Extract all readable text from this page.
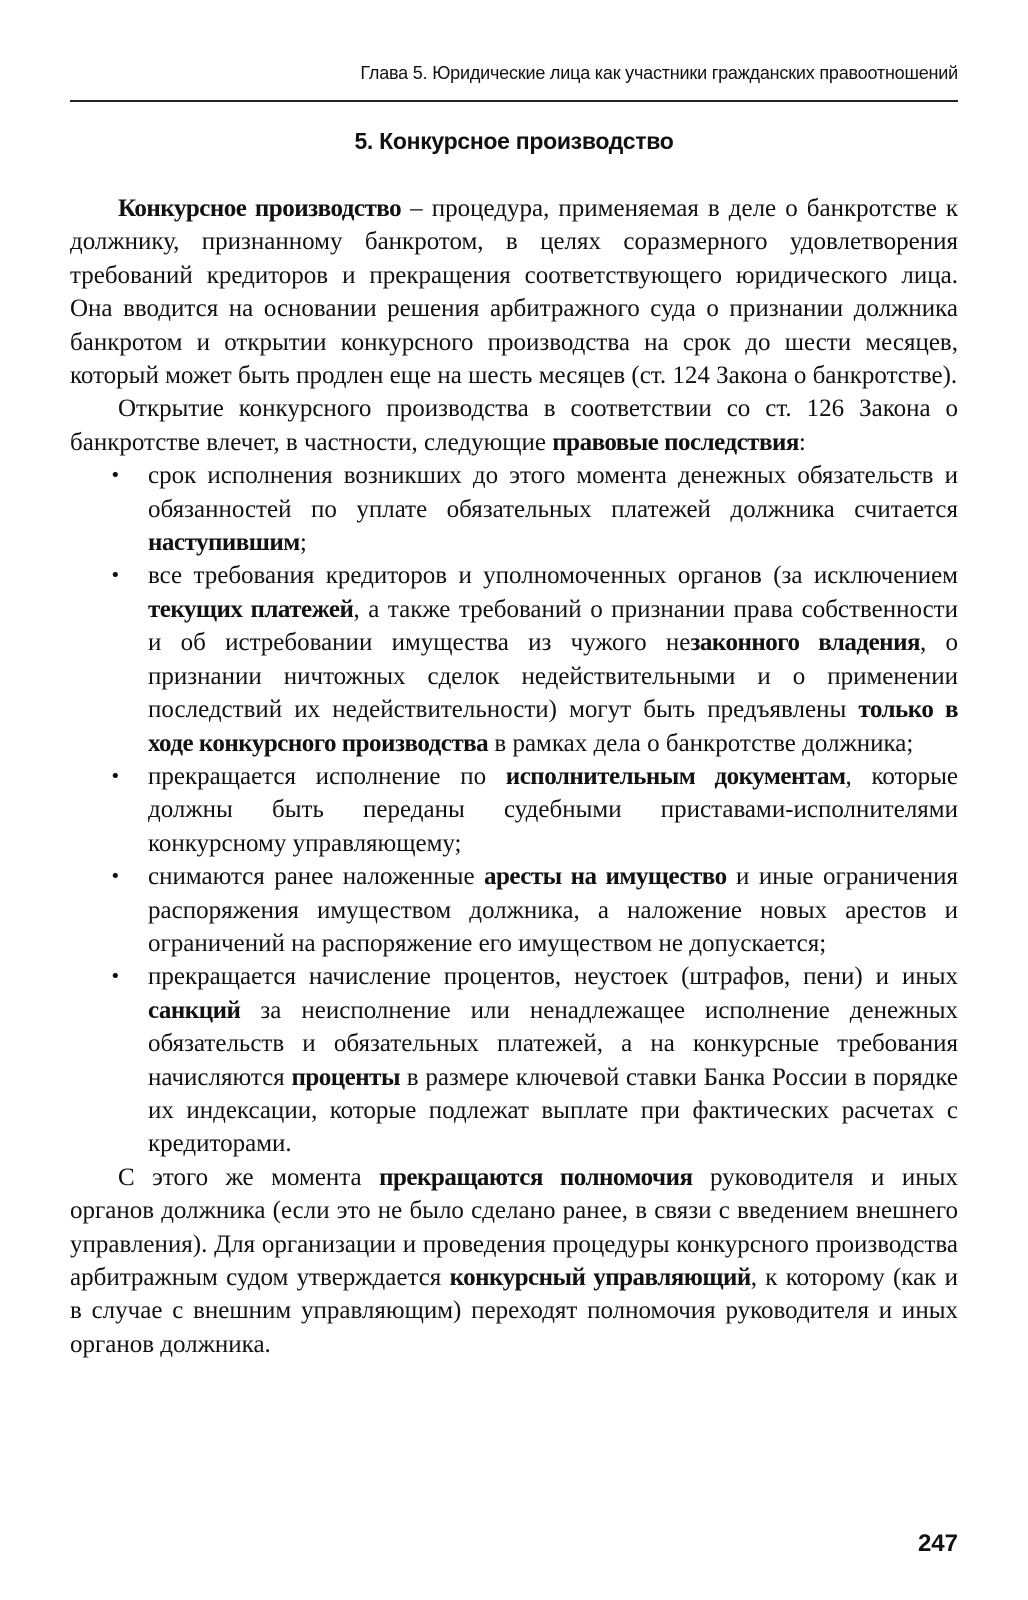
Глава 5. Юридические лица как участники гражданских правоотношений
5. Конкурсное производство

Конкурсное производство – процедура, применяемая в деле о банкротстве к должнику, признанному банкротом, в целях соразмерного удовлетворения требований кредиторов и прекращения соответствующего юридического лица. Она вводится на основании решения арбитражного суда о признании должника банкротом и открытии конкурсного производства на срок до шести месяцев, который может быть продлен еще на шесть месяцев (ст. 124 Закона о банкротстве).

Открытие конкурсного производства в соответствии со ст. 126 Закона о банкротстве влечет, в частности, следующие правовые последствия:

• срок исполнения возникших до этого момента денежных обязательств и обязанностей по уплате обязательных платежей должника считается наступившим;
• все требования кредиторов и уполномоченных органов (за исключением текущих платежей, а также требований о признании права собственности и об истребовании имущества из чужого незаконного владения, о признании ничтожных сделок недействительными и о применении последствий их недействительности) могут быть предъявлены только в ходе конкурсного производства в рамках дела о банкротстве должника;
• прекращается исполнение по исполнительным документам, которые должны быть переданы судебными приставами-исполнителями конкурсному управляющему;
• снимаются ранее наложенные аресты на имущество и иные ограничения распоряжения имуществом должника, а наложение новых арестов и ограничений на распоряжение его имуществом не допускается;
• прекращается начисление процентов, неустоек (штрафов, пени) и иных санкций за неисполнение или ненадлежащее исполнение денежных обязательств и обязательных платежей, а на конкурсные требования начисляются проценты в размере ключевой ставки Банка России в порядке их индексации, которые подлежат выплате при фактических расчетах с кредиторами.

С этого же момента прекращаются полномочия руководителя и иных органов должника (если это не было сделано ранее, в связи с введением внешнего управления). Для организации и проведения процедуры конкурсного производства арбитражным судом утверждается конкурсный управляющий, к которому (как и в случае с внешним управляющим) переходят полномочия руководителя и иных органов должника.

247
